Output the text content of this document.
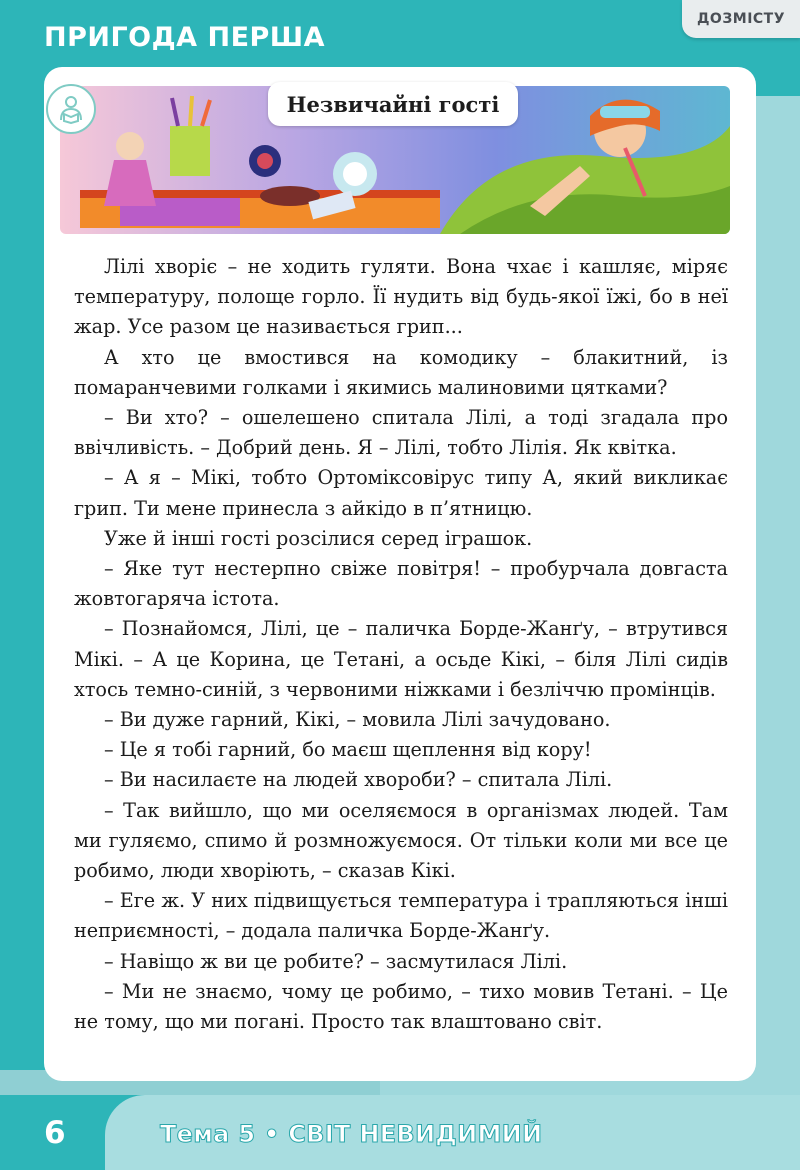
ПРИГОДА ПЕРША
ДОЗМІСТУ
Незвичайні гості

Лілі хворіє – не ходить гуляти. Вона чхає і кашляє, міряє температуру, полоще горло. Її нудить від будь-якої їжі, бо в неї жар. Усе разом це називається грип...

А хто це вмостився на комодику – блакитний, із помаранчевими голками і якимись малиновими цятками?

– Ви хто? – ошелешено спитала Лілі, а тоді згадала про ввічливість. – Добрий день. Я – Лілі, тобто Лілія. Як квітка.

– А я – Мікі, тобто Ортоміксовірус типу А, який викликає грип. Ти мене принесла з айкідо в п’ятницю.

Уже й інші гості розсілися серед іграшок.

– Яке тут нестерпно свіже повітря! – пробурчала довгаста жовтогаряча істота.

– Познайомся, Лілі, це – паличка Борде-Жанґу, – втрутився Мікі. – А це Корина, це Тетані, а осьде Кікі, – біля Лілі сидів хтось темно-синій, з червоними ніжками і безліччю промінців.

– Ви дуже гарний, Кікі, – мовила Лілі зачудовано.

– Це я тобі гарний, бо маєш щеплення від кору!

– Ви насилаєте на людей хвороби? – спитала Лілі.

– Так вийшло, що ми оселяємося в організмах людей. Там ми гуляємо, спимо й розмножуємося. От тільки коли ми все це робимо, люди хворіють, – сказав Кікі.

– Еге ж. У них підвищується температура і трапляються інші неприємності, – додала паличка Борде-Жанґу.

– Навіщо ж ви це робите? – засмутилася Лілі.

– Ми не знаємо, чому це робимо, – тихо мовив Тетані. – Це не тому, що ми погані. Просто так влаштовано світ.

6	Тема 5 • СВІТ НЕВИДИМИЙ
